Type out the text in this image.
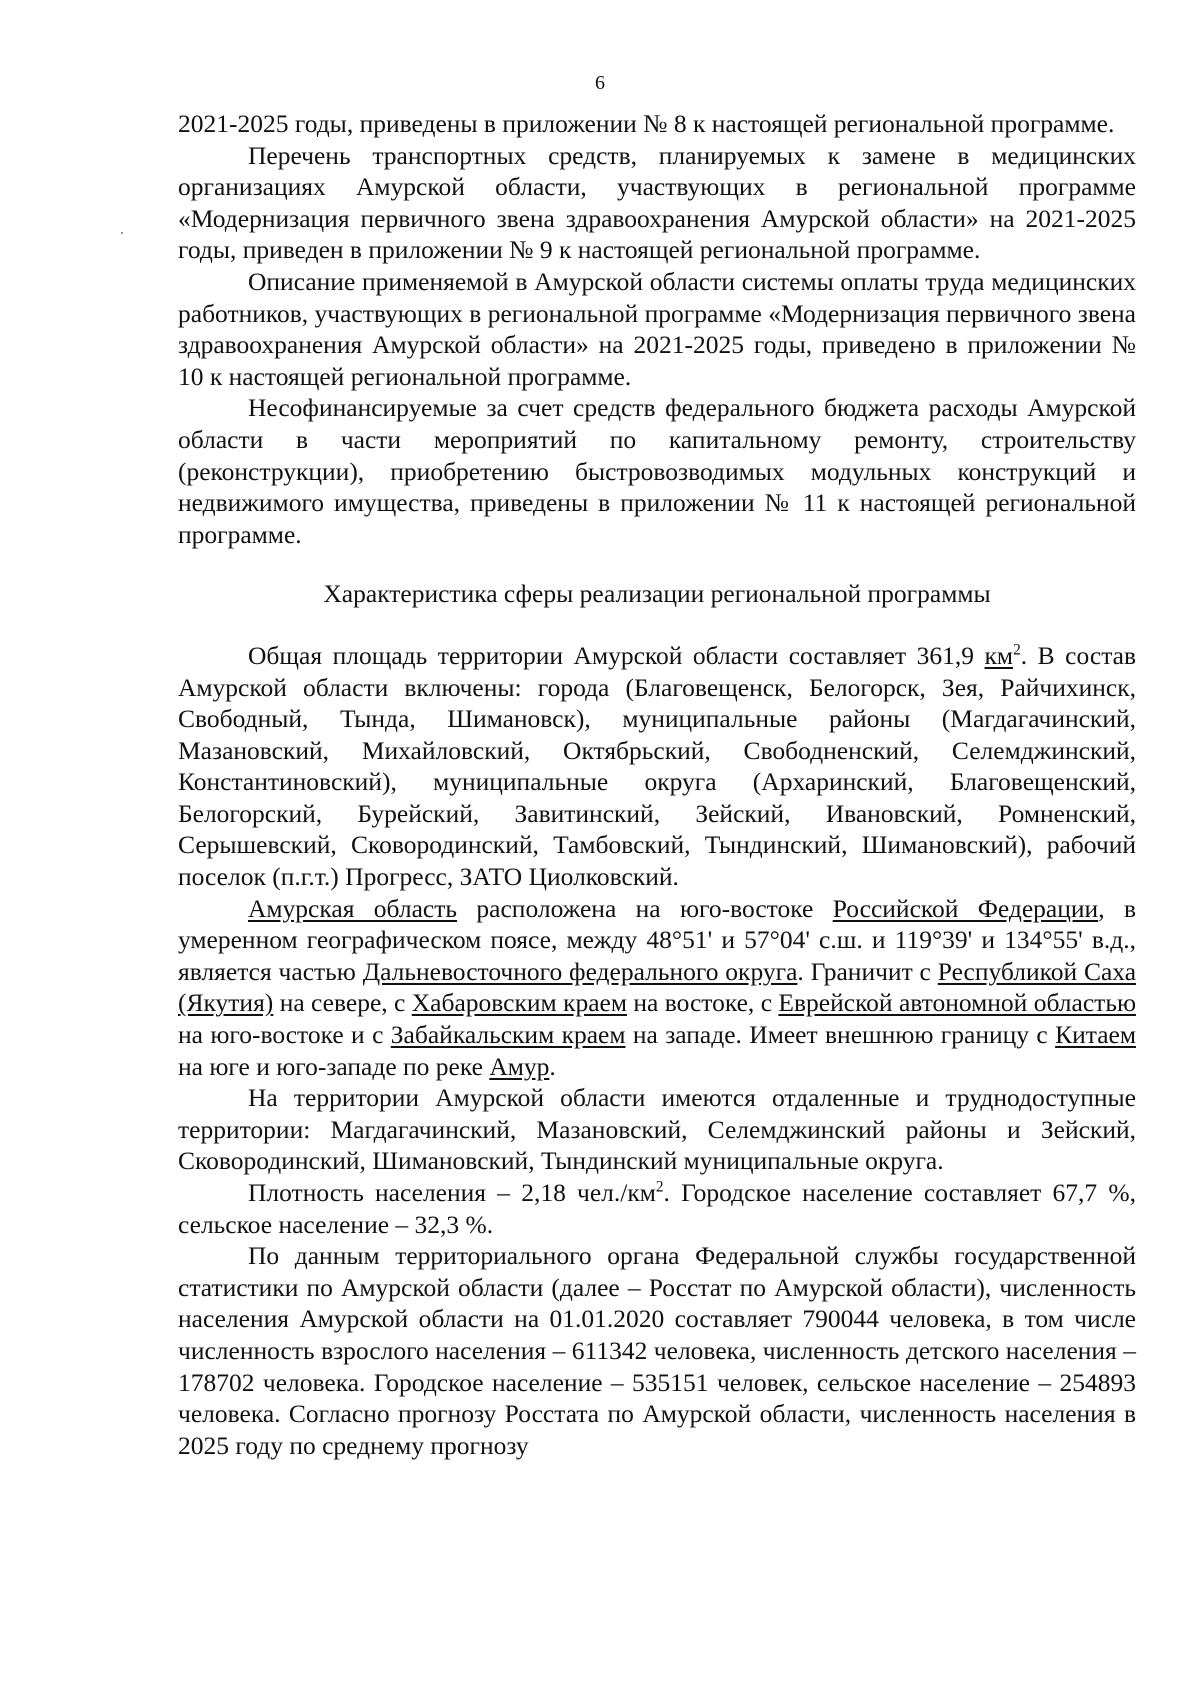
6

2021-2025 годы, приведены в приложении № 8 к настоящей региональной программе.

Перечень транспортных средств, планируемых к замене в медицинских организациях Амурской области, участвующих в региональной программе «Модернизация первичного звена здравоохранения Амурской области» на 2021-2025 годы, приведен в приложении № 9 к настоящей региональной программе.

Описание применяемой в Амурской области системы оплаты труда медицинских работников, участвующих в региональной программе «Модернизация первичного звена здравоохранения Амурской области» на 2021-2025 годы, приведено в приложении № 10 к настоящей региональной программе.

Несофинансируемые за счет средств федерального бюджета расходы Амурской области в части мероприятий по капитальному ремонту, строительству (реконструкции), приобретению быстровозводимых модульных конструкций и недвижимого имущества, приведены в приложении № 11 к настоящей региональной программе.

Характеристика сферы реализации региональной программы

Общая площадь территории Амурской области составляет 361,9 $км^2$. В состав Амурской области включены: города (Благовещенск, Белогорск, Зея, Райчихинск, Свободный, Тында, Шимановск), муниципальные районы (Магдагачинский, Мазановский, Михайловский, Октябрьский, Свободненский, Селемджинский, Константиновский), муниципальные округа (Архаринский, Благовещенский, Белогорский, Бурейский, Завитинский, Зейский, Ивановский, Ромненский, Серышевский, Сковородинский, Тамбовский, Тындинский, Шимановский), рабочий поселок (п.г.т.) Прогресс, ЗАТО Циолковский.

Амурская область расположена на юго-востоке Российской Федерации, в умеренном географическом поясе, между 48°51' и 57°04' с.ш. и 119°39' и 134°55' в.д., является частью Дальневосточного федерального округа. Граничит с Республикой Саха (Якутия) на севере, с Хабаровским краем на востоке, с Еврейской автономной областью на юго-востоке и с Забайкальским краем на западе. Имеет внешнюю границу с Китаем на юге и юго-западе по реке Амур.

На территории Амурской области имеются отдаленные и труднодоступные территории: Магдагачинский, Мазановский, Селемджинский районы и Зейский, Сковородинский, Шимановский, Тындинский муниципальные округа.

Плотность населения – 2,18 $чел./км^2$. Городское население составляет 67,7 %, сельское население – 32,3 %.

По данным территориального органа Федеральной службы государственной статистики по Амурской области (далее – Росстат по Амурской области), численность населения Амурской области на 01.01.2020 составляет 790044 человека, в том числе численность взрослого населения – 611342 человека, численность детского населения – 178702 человека. Городское население – 535151 человек, сельское население – 254893 человека. Согласно прогнозу Росстата по Амурской области, численность населения в 2025 году по среднему прогнозу
